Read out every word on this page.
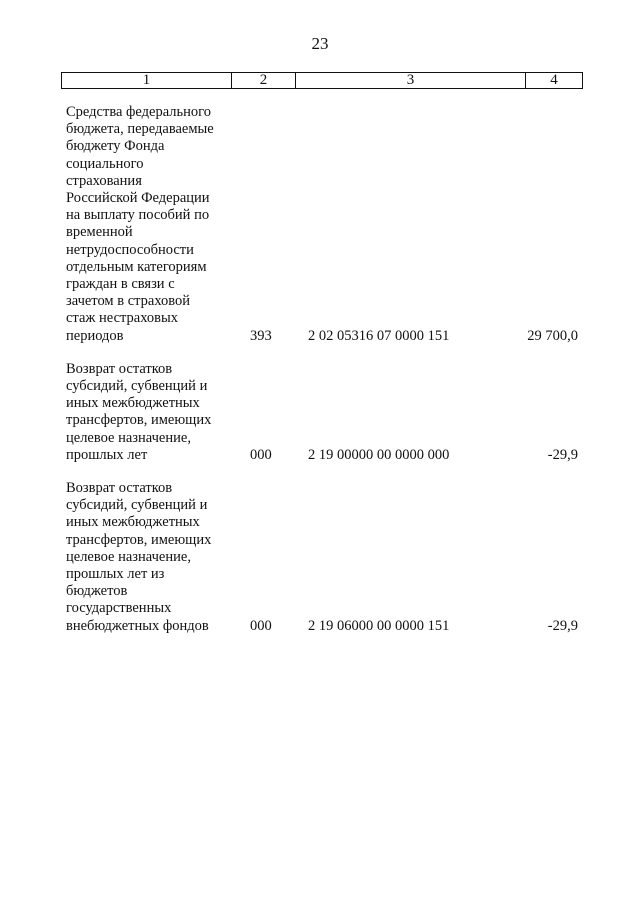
23
1	2	3	4
Средства федерального
бюджета, передаваемые
бюджету Фонда
социального
страхования
Российской Федерации
на выплату пособий по
временной
нетрудоспособности
отдельным категориям
граждан в связи с
зачетом в страховой
стаж нестраховых
периодов	393	2 02 05316 07 0000 151	29 700,0
Возврат остатков
субсидий, субвенций и
иных межбюджетных
трансфертов, имеющих
целевое назначение,
прошлых лет	000	2 19 00000 00 0000 000	-29,9
Возврат остатков
субсидий, субвенций и
иных межбюджетных
трансфертов, имеющих
целевое назначение,
прошлых лет из
бюджетов
государственных
внебюджетных фондов	000	2 19 06000 00 0000 151	-29,9
